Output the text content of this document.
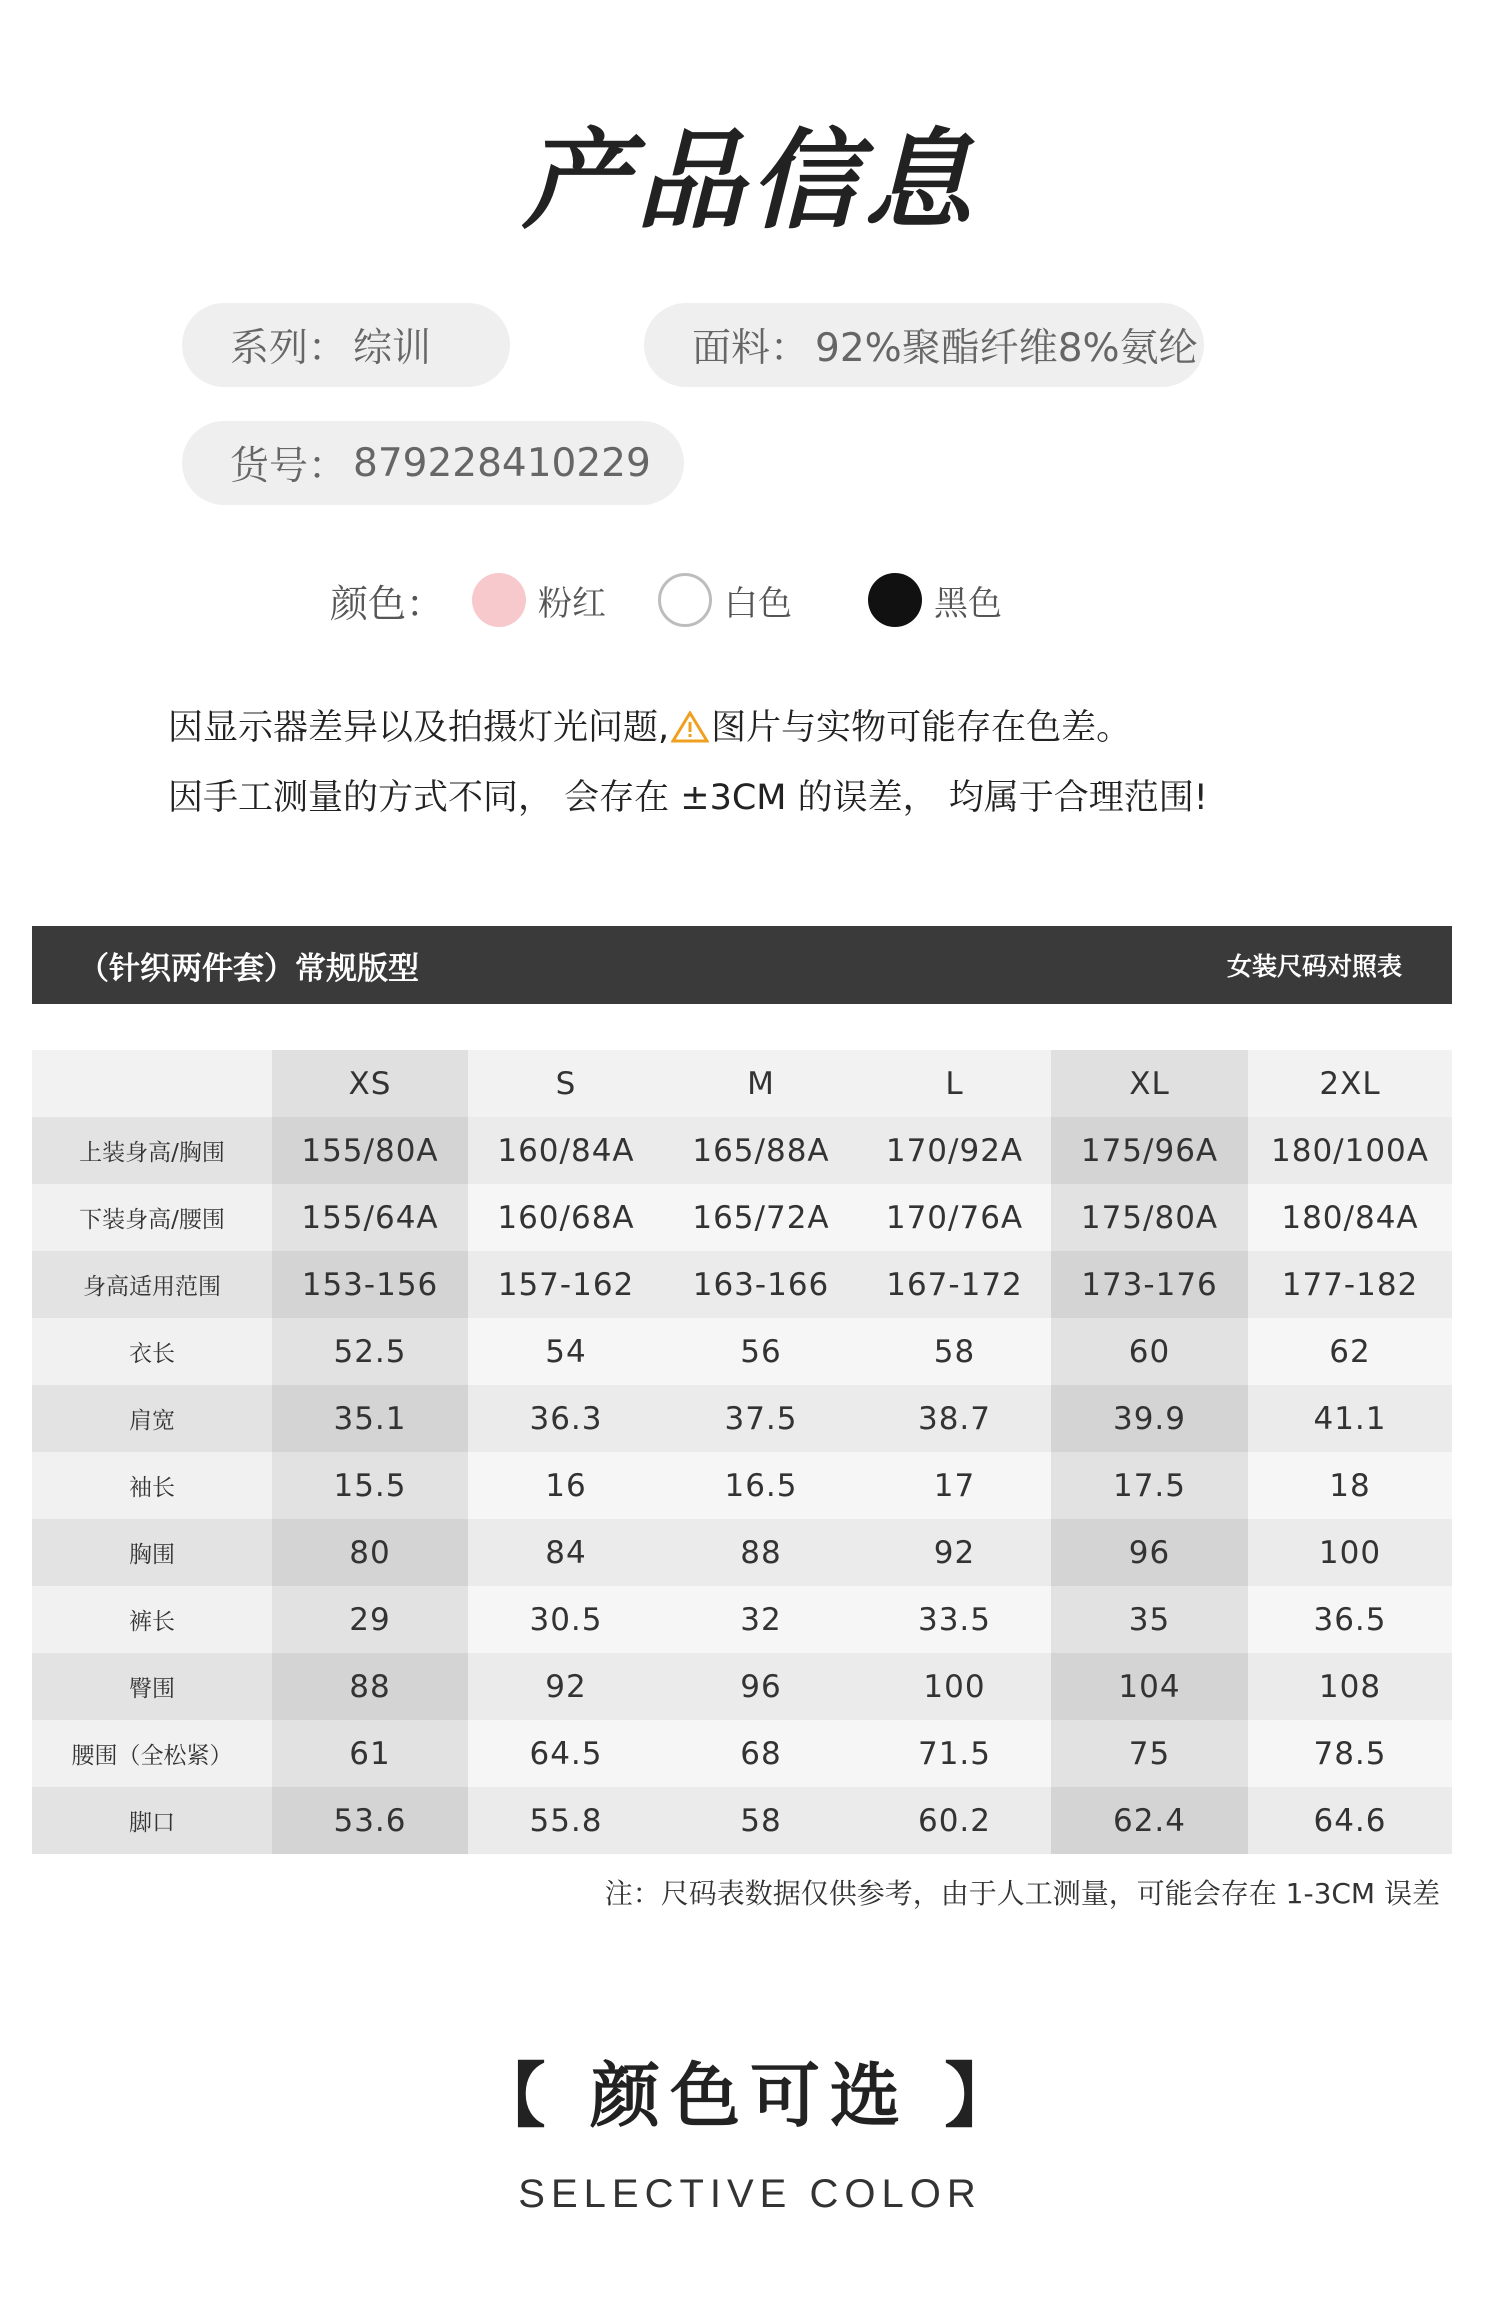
产品信息
系列： 综训	面料： 92%聚酯纤维8%氨纶
货号： 879228410229
颜色：	粉红	白色	黑色
因显示器差异以及拍摄灯光问题, 图片与实物可能存在色差。
因手工测量的方式不同， 会存在 ±3CM 的误差， 均属于合理范围!
（针织两件套）常规版型	女装尺码对照表
	XS	S	M	L	XL	2XL
上装身高/胸围	155/80A	160/84A	165/88A	170/92A	175/96A	180/100A
下装身高/腰围	155/64A	160/68A	165/72A	170/76A	175/80A	180/84A
身高适用范围	153-156	157-162	163-166	167-172	173-176	177-182
衣长	52.5	54	56	58	60	62
肩宽	35.1	36.3	37.5	38.7	39.9	41.1
袖长	15.5	16	16.5	17	17.5	18
胸围	80	84	88	92	96	100
裤长	29	30.5	32	33.5	35	36.5
臀围	88	92	96	100	104	108
腰围（全松紧）	61	64.5	68	71.5	75	78.5
脚口	53.6	55.8	58	60.2	62.4	64.6
注：尺码表数据仅供参考，由于人工测量，可能会存在 1-3CM 误差
【 颜色可选 】
SELECTIVE COLOR
